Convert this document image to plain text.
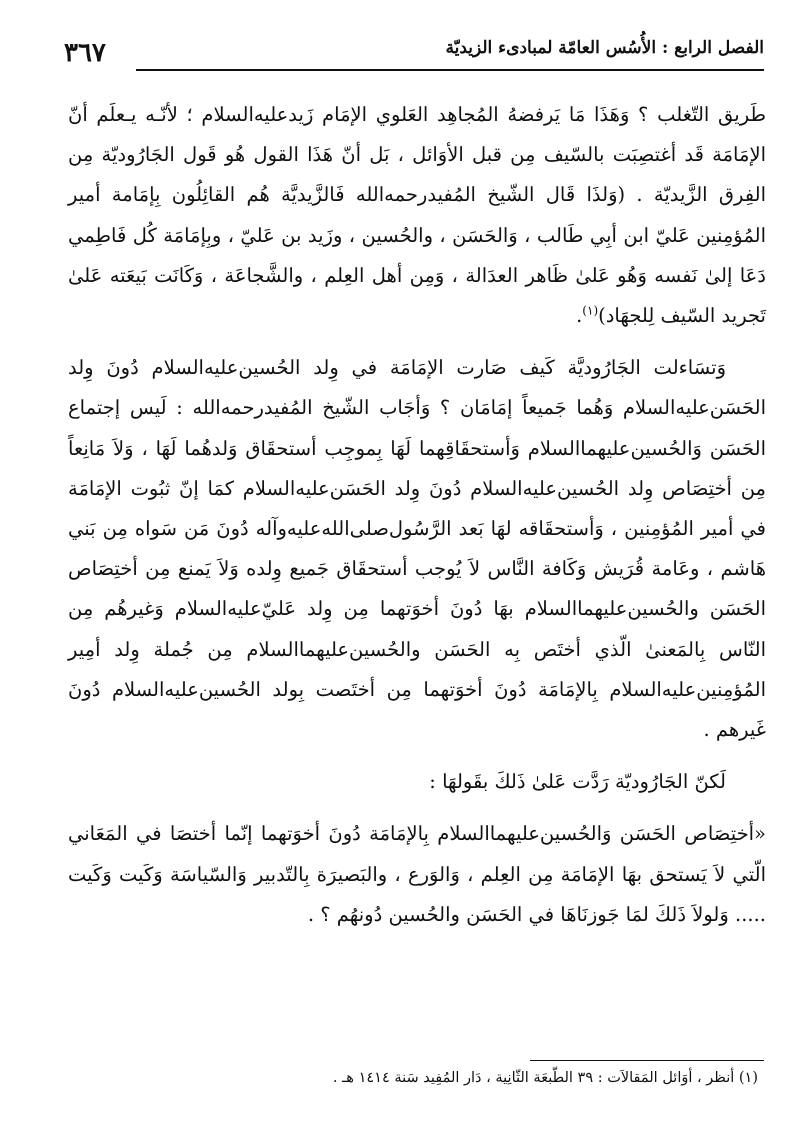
الفصل الرابع : الأُسُس العامّة لمبادىء الزيديّة
٣٦٧

طَريق التّغلب ؟ وَهَذَا مَا يَرفضهُ المُجاهِد العَلوي الإمَام زَيد‌عليه‌السلام ؛ لأنّـه يـعلَم أنّ الإمَامَة قَد أغتصِبَت بالسّيف مِن قبل الأوَائل ، بَل أنّ هَذَا القول هُو قَول الجَارُوديّة مِن الفِرق الزَّيديّة . (وَلذَا قَال الشّيخ المُفيد‌رحمه‌الله فَالزَّيديَّة هُم القائِلُون بِإمَامة أمير المُؤمِنين عَليّ ابن أبِي طَالب ، وَالحَسَن ، والحُسين ، وزَيد بن عَليّ ، وبِإمَامَة كُل فَاطِمي دَعَا إلىٰ نَفسه وَهُو عَلىٰ ظَاهر العدَالة ، وَمِن أهل العِلم ، والشَّجاعَة ، وَكَانَت بَيعَته عَلىٰ تَجريد السّيف لِلجهَاد)$^{(١)}$.

وَتسَاءلت الجَارُوديَّة كَيف صَارت الإمَامَة في وِلد الحُسين‌عليه‌السلام دُونَ وِلد الحَسَن‌عليه‌السلام وَهُما جَميعاً إمَامَان ؟ وَأجَاب الشّيخ المُفيد‌رحمه‌الله : لَيس إجتماع الحَسَن وَالحُسين‌عليهما‌السلام وَأستحقَاقِهما لَهَا بِموجِب أستحقَاق وَلدهُما لَهَا ، وَلاَ مَانِعاً مِن أختِصَاص وِلد الحُسين‌عليه‌السلام دُونَ وِلد الحَسَن‌عليه‌السلام كمَا إنّ ثبُوت الإمَامَة في أمير المُؤمِنين ، وَأستحقَاقه لهَا بَعد الرَّسُول‌صلى‌الله‌عليه‌وآله دُونَ مَن سَواه مِن بَني هَاشم ، وعَامة قُرَيش وَكَافة النَّاس لاَ يُوجب أستحقَاق جَميع وِلده وَلاَ يَمنع مِن أختِصَاص الحَسَن والحُسين‌عليهما‌السلام بهَا دُونَ أخوَتهما مِن وِلد عَليّ‌عليه‌السلام وَغيرهُم مِن النّاس بِالمَعنىٰ الّذي أختَص بِه الحَسَن والحُسين‌عليهما‌السلام مِن جُملة وِلد أمِير المُؤمِنين‌عليه‌السلام بِالإمَامَة دُونَ أخوَتهما مِن أختَصت بِولد الحُسين‌عليه‌السلام دُونَ غَيرهم .

لَكنّ الجَارُوديّة رَدَّت عَلىٰ ذَلكَ بقَولهَا :

«أختِصَاص الحَسَن وَالحُسين‌عليهما‌السلام بِالإمَامَة دُونَ أخوَتهما إنّما أختصَا في المَعَاني الّتي لاَ يَستحق بهَا الإمَامَة مِن العِلم ، وَالوَرع ، والبَصيرَة بِالتّدبير وَالسّياسَة وَكَيت وَكَيت ..... وَلولاَ ذَلكَ لمَا جَوزنَاهَا في الحَسَن والحُسين دُونهُم ؟ .

(١) أنظر ، أوَائل المَقالاَت : ٣٩ الطّبعَة الثّانِية ، دَار المُفِيد سَنة ١٤١٤ هـ .
